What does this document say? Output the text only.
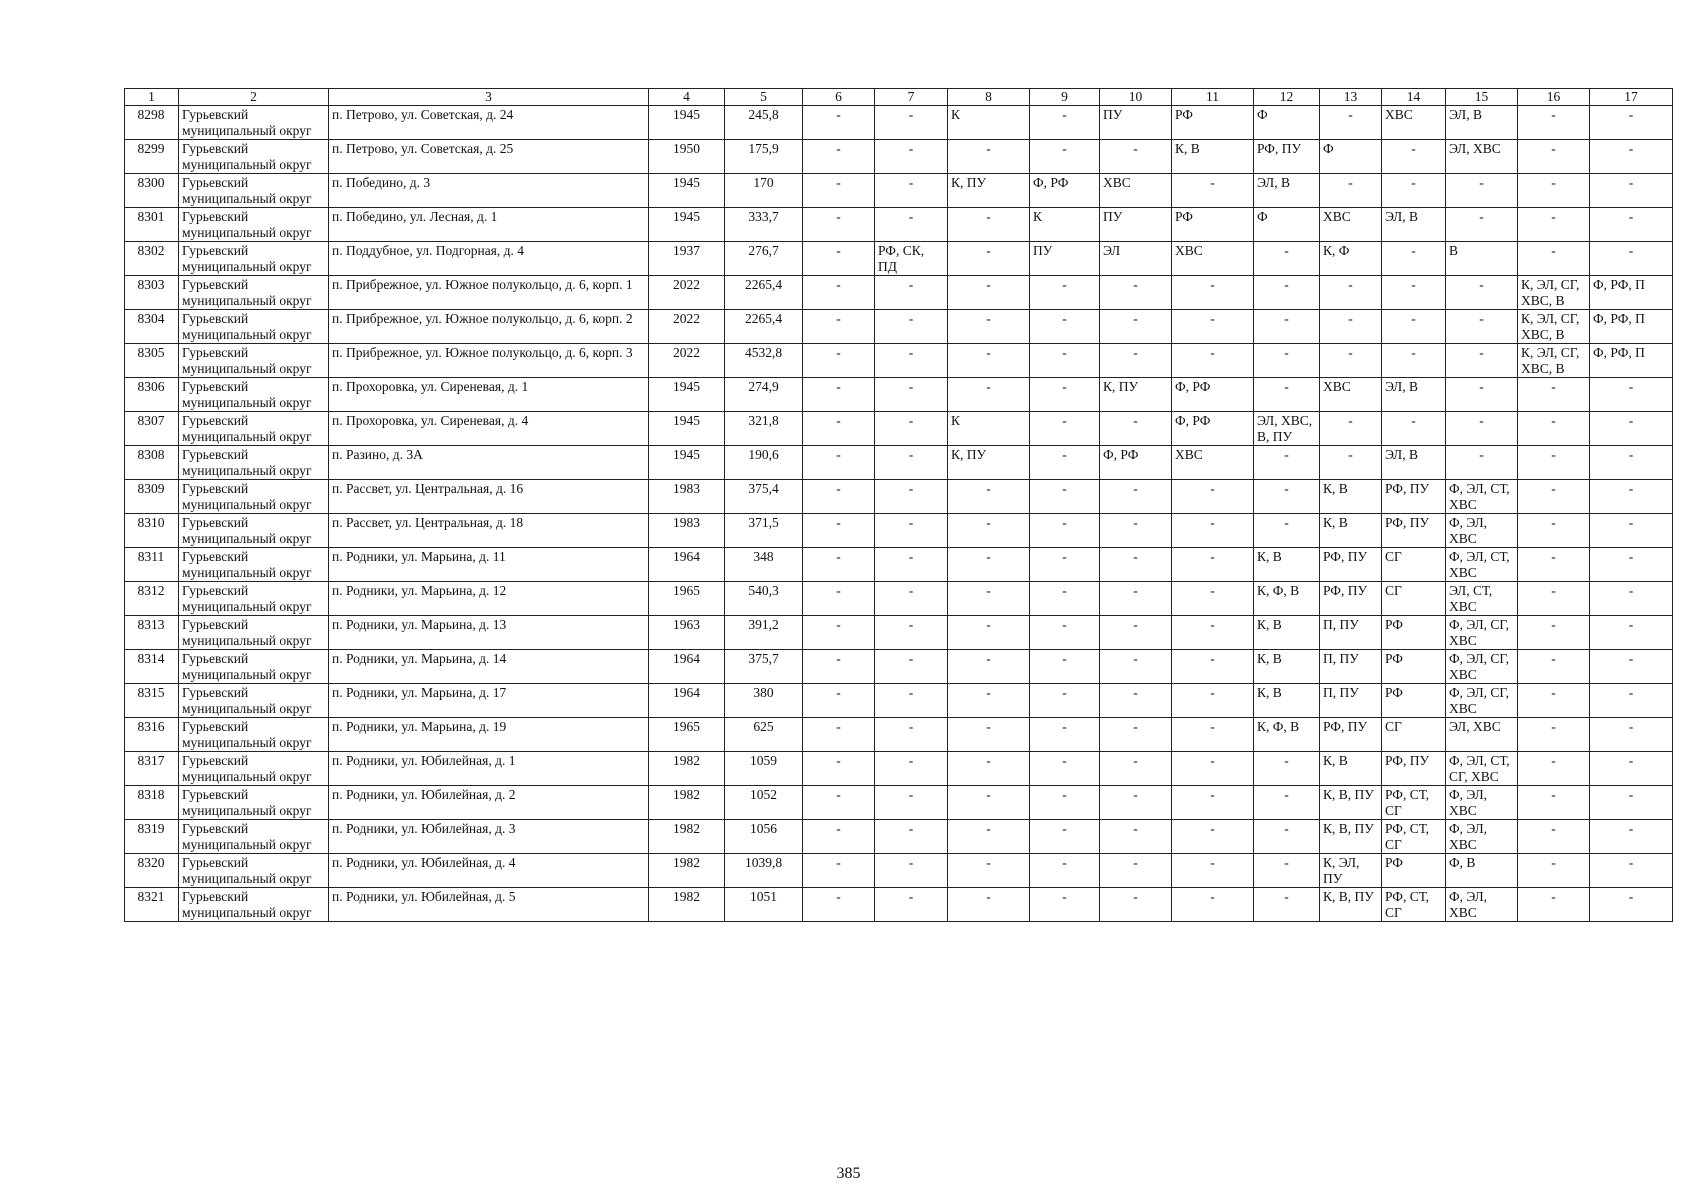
1	2	3	4	5	6	7	8	9	10	11	12	13	14	15	16	17
8298	Гурьевский муниципальный округ	п. Петрово, ул. Советская, д. 24	1945	245,8	-	-	К	-	ПУ	РФ	Ф	-	ХВС	ЭЛ, В	-	-
8299	Гурьевский муниципальный округ	п. Петрово, ул. Советская, д. 25	1950	175,9	-	-	-	-	-	К, В	РФ, ПУ	Ф	-	ЭЛ, ХВС	-	-
8300	Гурьевский муниципальный округ	п. Победино, д. 3	1945	170	-	-	К, ПУ	Ф, РФ	ХВС	-	ЭЛ, В	-	-	-	-	-
8301	Гурьевский муниципальный округ	п. Победино, ул. Лесная, д. 1	1945	333,7	-	-	-	К	ПУ	РФ	Ф	ХВС	ЭЛ, В	-	-	-
8302	Гурьевский муниципальный округ	п. Поддубное, ул. Подгорная, д. 4	1937	276,7	-	РФ, СК, ПД	-	ПУ	ЭЛ	ХВС	-	К, Ф	-	В	-	-
8303	Гурьевский муниципальный округ	п. Прибрежное, ул. Южное полукольцо, д. 6, корп. 1	2022	2265,4	-	-	-	-	-	-	-	-	-	-	К, ЭЛ, СГ, ХВС, В	Ф, РФ, П
8304	Гурьевский муниципальный округ	п. Прибрежное, ул. Южное полукольцо, д. 6, корп. 2	2022	2265,4	-	-	-	-	-	-	-	-	-	-	К, ЭЛ, СГ, ХВС, В	Ф, РФ, П
8305	Гурьевский муниципальный округ	п. Прибрежное, ул. Южное полукольцо, д. 6, корп. 3	2022	4532,8	-	-	-	-	-	-	-	-	-	-	К, ЭЛ, СГ, ХВС, В	Ф, РФ, П
8306	Гурьевский муниципальный округ	п. Прохоровка, ул. Сиреневая, д. 1	1945	274,9	-	-	-	-	К, ПУ	Ф, РФ	-	ХВС	ЭЛ, В	-	-	-
8307	Гурьевский муниципальный округ	п. Прохоровка, ул. Сиреневая, д. 4	1945	321,8	-	-	К	-	-	Ф, РФ	ЭЛ, ХВС, В, ПУ	-	-	-	-	-
8308	Гурьевский муниципальный округ	п. Разино, д. 3А	1945	190,6	-	-	К, ПУ	-	Ф, РФ	ХВС	-	-	ЭЛ, В	-	-	-
8309	Гурьевский муниципальный округ	п. Рассвет, ул. Центральная, д. 16	1983	375,4	-	-	-	-	-	-	-	К, В	РФ, ПУ	Ф, ЭЛ, СТ, ХВС	-	-
8310	Гурьевский муниципальный округ	п. Рассвет, ул. Центральная, д. 18	1983	371,5	-	-	-	-	-	-	-	К, В	РФ, ПУ	Ф, ЭЛ, ХВС	-	-
8311	Гурьевский муниципальный округ	п. Родники, ул. Марьина, д. 11	1964	348	-	-	-	-	-	-	К, В	РФ, ПУ	СГ	Ф, ЭЛ, СТ, ХВС	-	-
8312	Гурьевский муниципальный округ	п. Родники, ул. Марьина, д. 12	1965	540,3	-	-	-	-	-	-	К, Ф, В	РФ, ПУ	СГ	ЭЛ, СТ, ХВС	-	-
8313	Гурьевский муниципальный округ	п. Родники, ул. Марьина, д. 13	1963	391,2	-	-	-	-	-	-	К, В	П, ПУ	РФ	Ф, ЭЛ, СГ, ХВС	-	-
8314	Гурьевский муниципальный округ	п. Родники, ул. Марьина, д. 14	1964	375,7	-	-	-	-	-	-	К, В	П, ПУ	РФ	Ф, ЭЛ, СГ, ХВС	-	-
8315	Гурьевский муниципальный округ	п. Родники, ул. Марьина, д. 17	1964	380	-	-	-	-	-	-	К, В	П, ПУ	РФ	Ф, ЭЛ, СГ, ХВС	-	-
8316	Гурьевский муниципальный округ	п. Родники, ул. Марьина, д. 19	1965	625	-	-	-	-	-	-	К, Ф, В	РФ, ПУ	СГ	ЭЛ, ХВС	-	-
8317	Гурьевский муниципальный округ	п. Родники, ул. Юбилейная, д. 1	1982	1059	-	-	-	-	-	-	-	К, В	РФ, ПУ	Ф, ЭЛ, СТ, СГ, ХВС	-	-
8318	Гурьевский муниципальный округ	п. Родники, ул. Юбилейная, д. 2	1982	1052	-	-	-	-	-	-	-	К, В, ПУ	РФ, СТ, СГ	Ф, ЭЛ, ХВС	-	-
8319	Гурьевский муниципальный округ	п. Родники, ул. Юбилейная, д. 3	1982	1056	-	-	-	-	-	-	-	К, В, ПУ	РФ, СТ, СГ	Ф, ЭЛ, ХВС	-	-
8320	Гурьевский муниципальный округ	п. Родники, ул. Юбилейная, д. 4	1982	1039,8	-	-	-	-	-	-	-	К, ЭЛ, ПУ	РФ	Ф, В	-	-
8321	Гурьевский муниципальный округ	п. Родники, ул. Юбилейная, д. 5	1982	1051	-	-	-	-	-	-	-	К, В, ПУ	РФ, СТ, СГ	Ф, ЭЛ, ХВС	-	-
385
